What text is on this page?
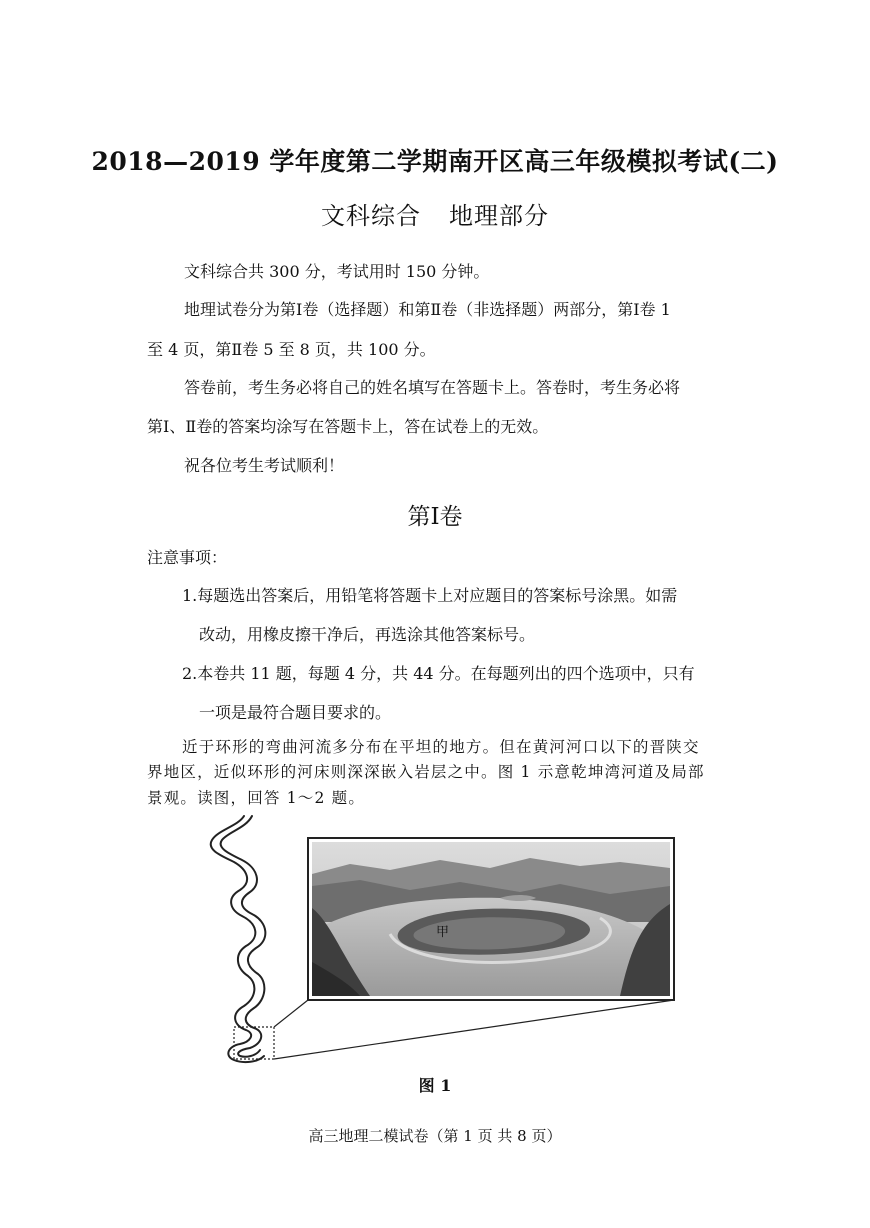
2018—2019 学年度第二学期南开区高三年级模拟考试(二)
文科综合 地理部分
文科综合共 300 分，考试用时 150 分钟。
地理试卷分为第Ⅰ卷（选择题）和第Ⅱ卷（非选择题）两部分，第Ⅰ卷 1
至 4 页，第Ⅱ卷 5 至 8 页，共 100 分。
答卷前，考生务必将自己的姓名填写在答题卡上。答卷时，考生务必将
第Ⅰ、Ⅱ卷的答案均涂写在答题卡上，答在试卷上的无效。
祝各位考生考试顺利！
第Ⅰ卷
注意事项：
1.每题选出答案后，用铅笔将答题卡上对应题目的答案标号涂黑。如需
改动，用橡皮擦干净后，再选涂其他答案标号。
2.本卷共 11 题，每题 4 分，共 44 分。在每题列出的四个选项中，只有
一项是最符合题目要求的。
近于环形的弯曲河流多分布在平坦的地方。但在黄河河口以下的晋陕交
界地区，近似环形的河床则深深嵌入岩层之中。图 1 示意乾坤湾河道及局部
景观。读图，回答 1～2 题。
甲
图 1
高三地理二模试卷（第 1 页 共 8 页）
